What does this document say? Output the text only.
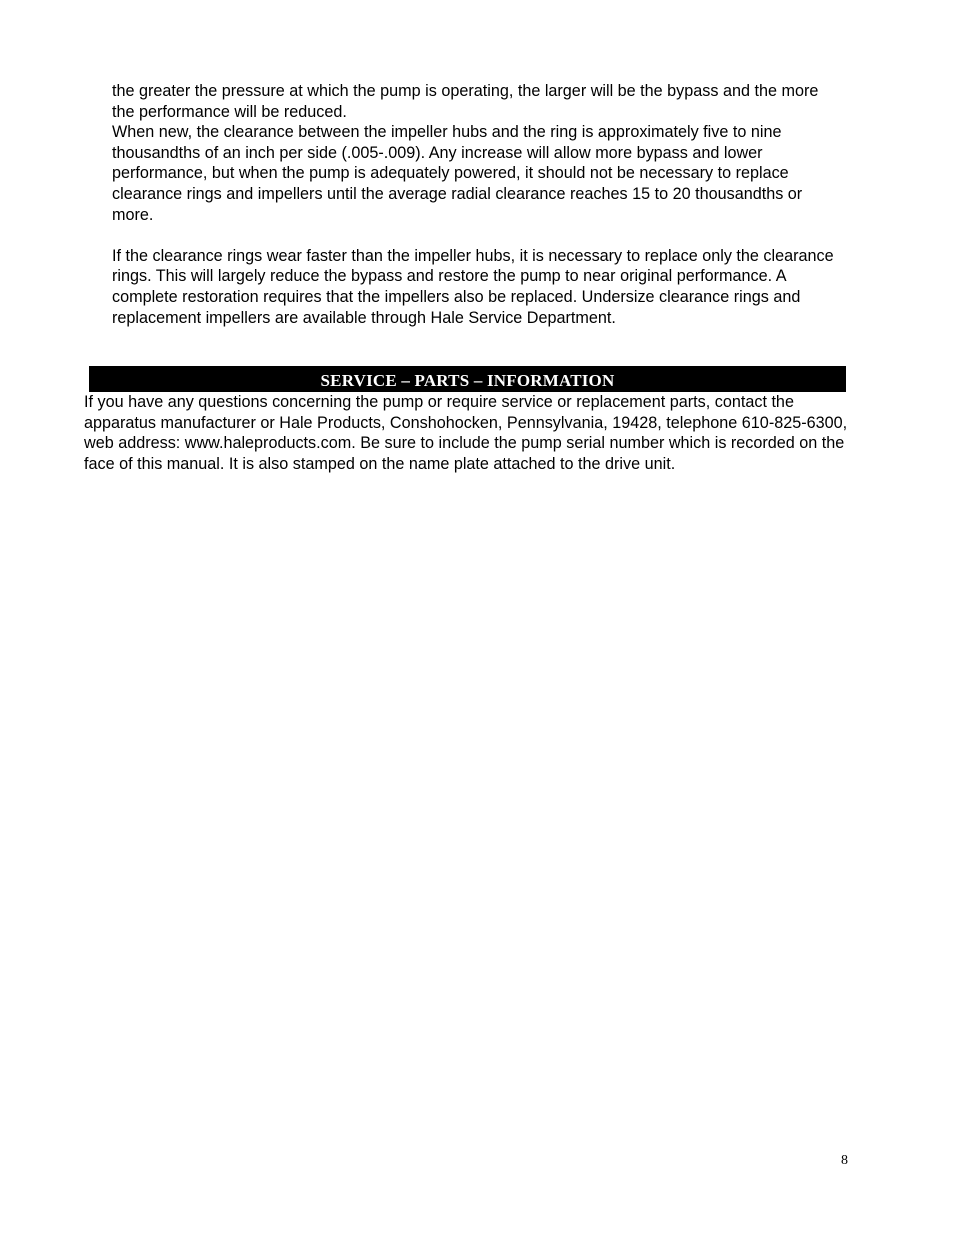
the greater the pressure at which the pump is operating, the larger will be the bypass and the more the performance will be reduced.

When new, the clearance between the impeller hubs and the ring is approximately five to nine thousandths of an inch per side (.005-.009). Any increase will allow more bypass and lower performance, but when the pump is adequately powered, it should not be necessary to replace clearance rings and impellers until the average radial clearance reaches 15 to 20 thousandths or more.

If the clearance rings wear faster than the impeller hubs, it is necessary to replace only the clearance rings. This will largely reduce the bypass and restore the pump to near original performance. A complete restoration requires that the impellers also be replaced. Undersize clearance rings and replacement impellers are available through Hale Service Department.

SERVICE – PARTS – INFORMATION

If you have any questions concerning the pump or require service or replacement parts, contact the apparatus manufacturer or Hale Products, Conshohocken, Pennsylvania, 19428, telephone 610-825-6300, web address: www.haleproducts.com. Be sure to include the pump serial number which is recorded on the face of this manual. It is also stamped on the name plate attached to the drive unit.

8
